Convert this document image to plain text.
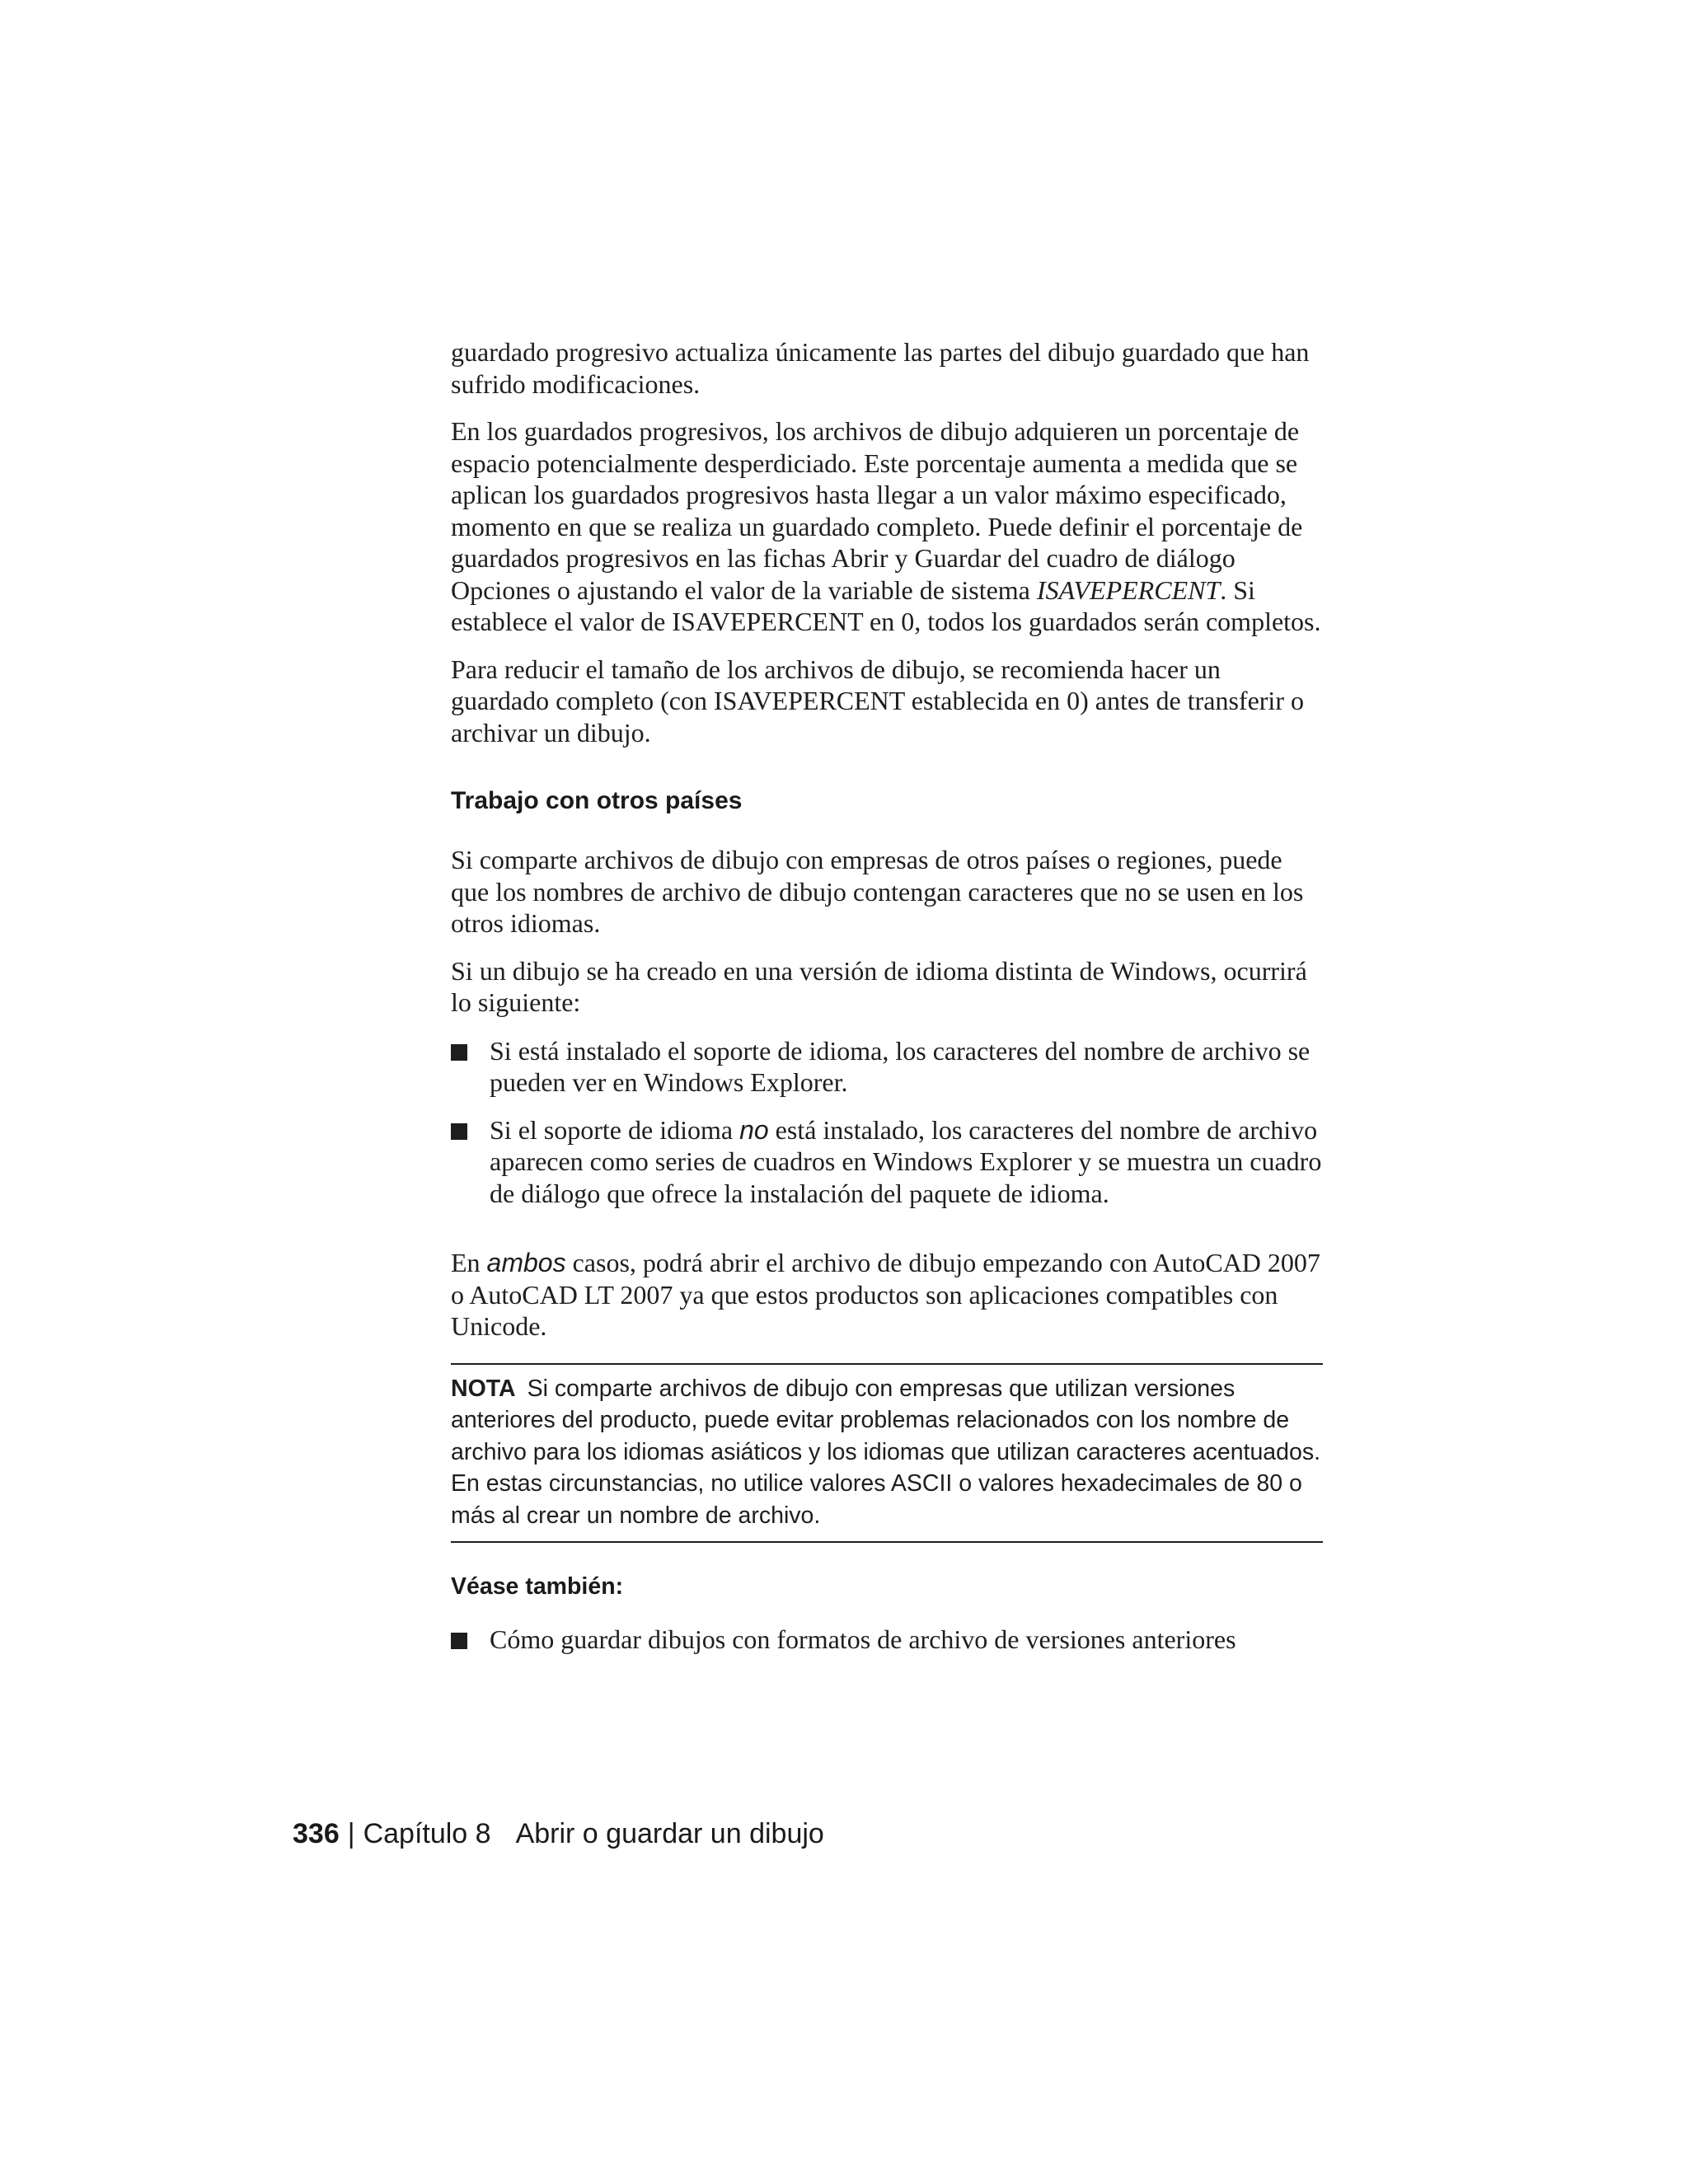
guardado progresivo actualiza únicamente las partes del dibujo guardado que han sufrido modificaciones.

En los guardados progresivos, los archivos de dibujo adquieren un porcentaje de espacio potencialmente desperdiciado. Este porcentaje aumenta a medida que se aplican los guardados progresivos hasta llegar a un valor máximo especificado, momento en que se realiza un guardado completo. Puede definir el porcentaje de guardados progresivos en las fichas Abrir y Guardar del cuadro de diálogo Opciones o ajustando el valor de la variable de sistema ISAVEPERCENT. Si establece el valor de ISAVEPERCENT en 0, todos los guardados serán completos.

Para reducir el tamaño de los archivos de dibujo, se recomienda hacer un guardado completo (con ISAVEPERCENT establecida en 0) antes de transferir o archivar un dibujo.

Trabajo con otros países

Si comparte archivos de dibujo con empresas de otros países o regiones, puede que los nombres de archivo de dibujo contengan caracteres que no se usen en los otros idiomas.

Si un dibujo se ha creado en una versión de idioma distinta de Windows, ocurrirá lo siguiente:

Si está instalado el soporte de idioma, los caracteres del nombre de archivo se pueden ver en Windows Explorer.
Si el soporte de idioma no está instalado, los caracteres del nombre de archivo aparecen como series de cuadros en Windows Explorer y se muestra un cuadro de diálogo que ofrece la instalación del paquete de idioma.

En ambos casos, podrá abrir el archivo de dibujo empezando con AutoCAD 2007 o AutoCAD LT 2007 ya que estos productos son aplicaciones compatibles con Unicode.

NOTA Si comparte archivos de dibujo con empresas que utilizan versiones anteriores del producto, puede evitar problemas relacionados con los nombre de archivo para los idiomas asiáticos y los idiomas que utilizan caracteres acentuados. En estas circunstancias, no utilice valores ASCII o valores hexadecimales de 80 o más al crear un nombre de archivo.

Véase también:

Cómo guardar dibujos con formatos de archivo de versiones anteriores
336 | Capítulo 8 Abrir o guardar un dibujo
